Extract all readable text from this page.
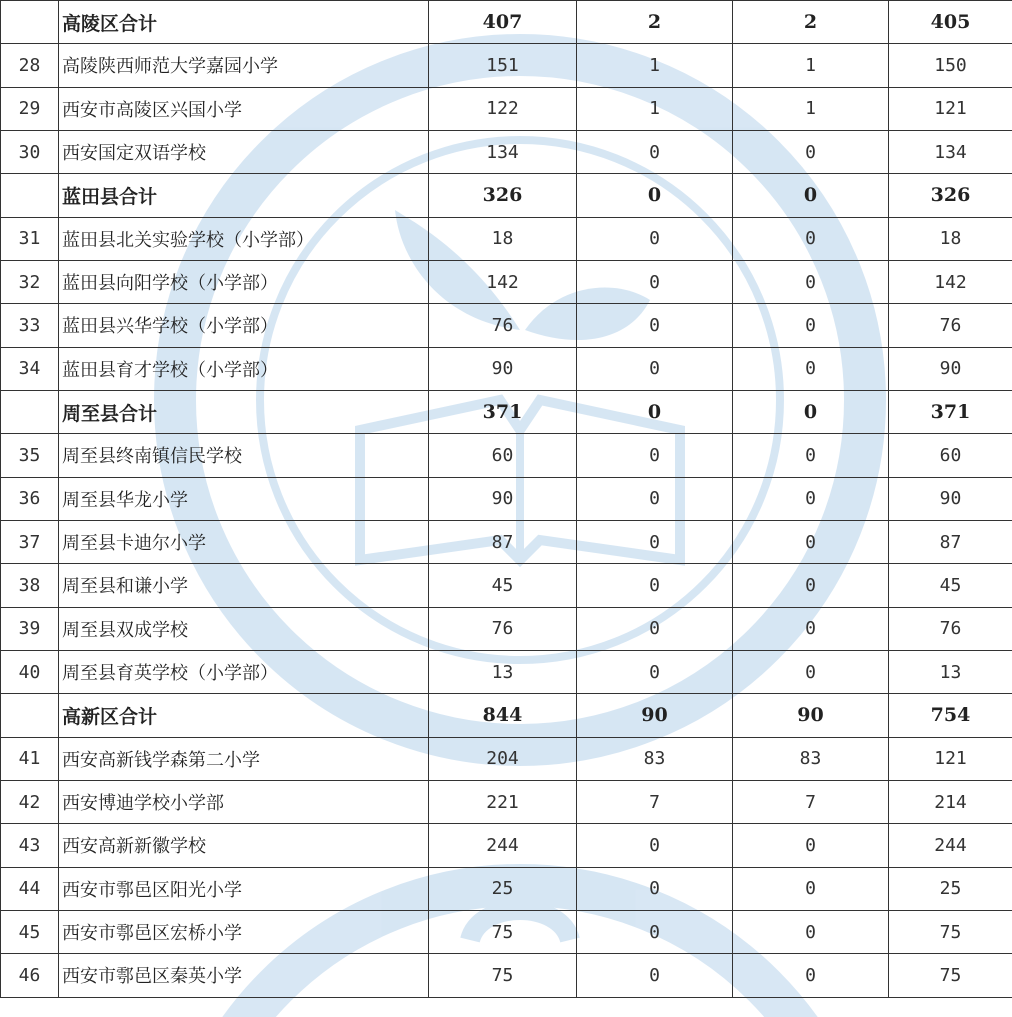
	高陵区合计	407	2	2	405
28	高陵陕西师范大学嘉园小学	151	1	1	150
29	西安市高陵区兴国小学	122	1	1	121
30	西安国定双语学校	134	0	0	134
	蓝田县合计	326	0	0	326
31	蓝田县北关实验学校（小学部）	18	0	0	18
32	蓝田县向阳学校（小学部）	142	0	0	142
33	蓝田县兴华学校（小学部）	76	0	0	76
34	蓝田县育才学校（小学部）	90	0	0	90
	周至县合计	371	0	0	371
35	周至县终南镇信民学校	60	0	0	60
36	周至县华龙小学	90	0	0	90
37	周至县卡迪尔小学	87	0	0	87
38	周至县和谦小学	45	0	0	45
39	周至县双成学校	76	0	0	76
40	周至县育英学校（小学部）	13	0	0	13
	高新区合计	844	90	90	754
41	西安高新钱学森第二小学	204	83	83	121
42	西安博迪学校小学部	221	7	7	214
43	西安高新新徽学校	244	0	0	244
44	西安市鄠邑区阳光小学	25	0	0	25
45	西安市鄠邑区宏桥小学	75	0	0	75
46	西安市鄠邑区秦英小学	75	0	0	75
